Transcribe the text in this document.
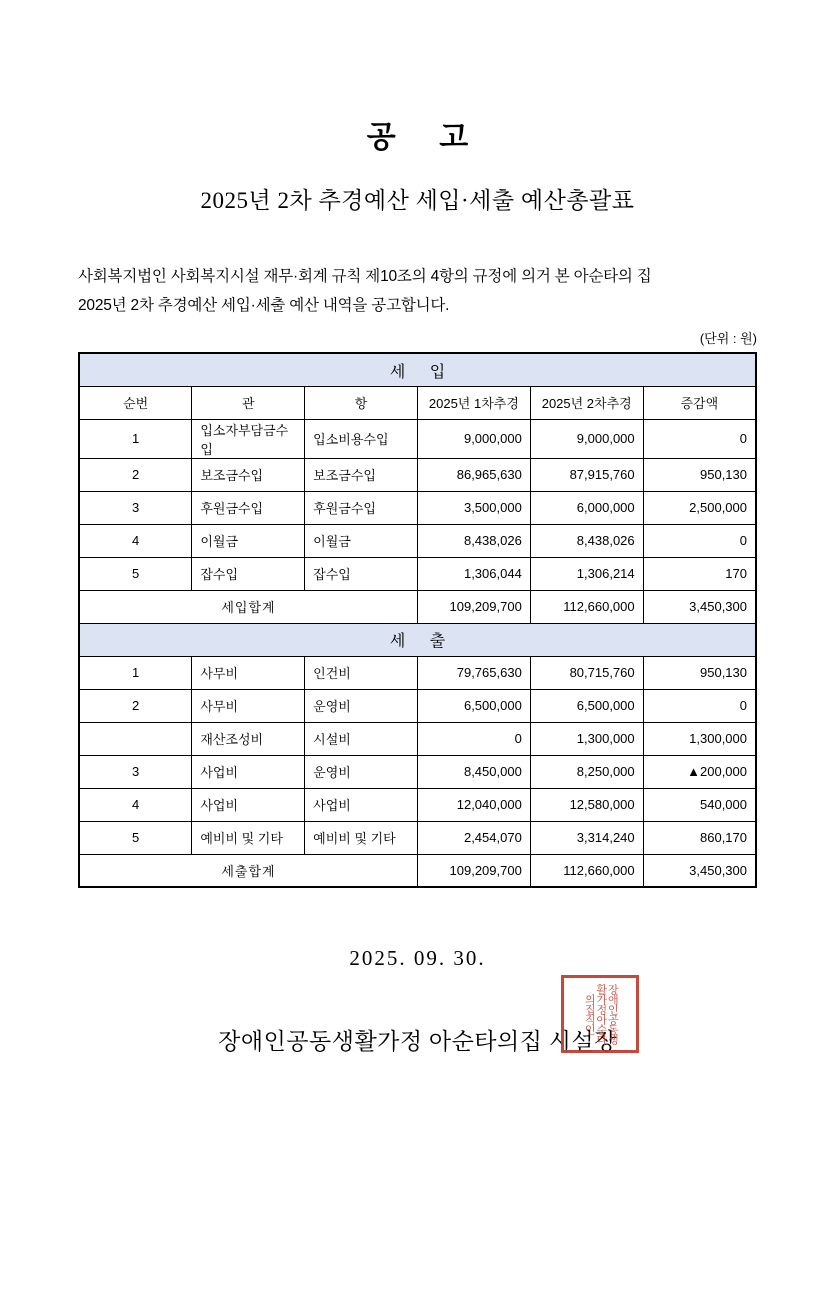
공 고
2025년 2차 추경예산 세입·세출 예산총괄표
사회복지법인 사회복지시설 재무·회계 규칙 제10조의 4항의 규정에 의거 본 아순타의 집
2025년 2차 추경예산 세입·세출 예산 내역을 공고합니다.
(단위 : 원)
세 입					
순번	관	항	2025년 1차추경	2025년 2차추경	증감액
1	입소자부담금수입	입소비용수입	9,000,000	9,000,000	0
2	보조금수입	보조금수입	86,965,630	87,915,760	950,130
3	후원금수입	후원금수입	3,500,000	6,000,000	2,500,000
4	이월금	이월금	8,438,026	8,438,026	0
5	잡수입	잡수입	1,306,044	1,306,214	170
세입합계			109,209,700	112,660,000	3,450,300
세 출					
1	사무비	인건비	79,765,630	80,715,760	950,130
2	사무비	운영비	6,500,000	6,500,000	0
	재산조성비	시설비	0	1,300,000	1,300,000
3	사업비	운영비	8,450,000	8,250,000	▲200,000
4	사업비	사업비	12,040,000	12,580,000	540,000
5	예비비 및 기타	예비비 및 기타	2,454,070	3,314,240	860,170
세출합계			109,209,700	112,660,000	3,450,300
2025. 09. 30.
장애인공동생활가정 아순타의집 시설장
장애인공동생활가정아순타의집직인
